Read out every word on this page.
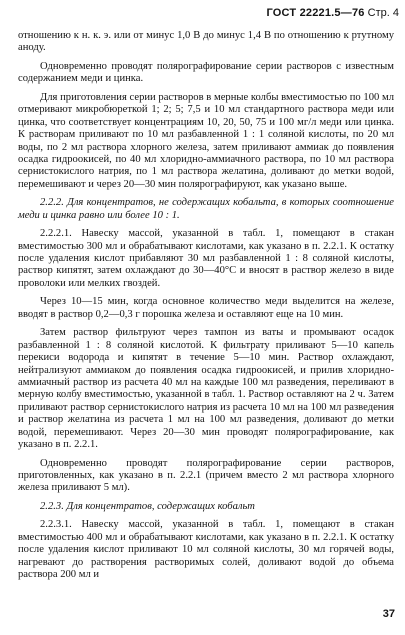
ГОСТ 22221.5—76 Стр. 4

отношению к н. к. э. или от минус 1,0 В до минус 1,4 В по отношению к ртутному аноду.

Одновременно проводят полярографирование серии растворов с известным содержанием меди и цинка.

Для приготовления серии растворов в мерные колбы вместимостью по 100 мл отмеривают микробюреткой 1; 2; 5; 7,5 и 10 мл стандартного раствора меди или цинка, что соответствует концентрациям 10, 20, 50, 75 и 100 мг/л меди или цинка. К растворам приливают по 10 мл разбавленной 1 : 1 соляной кислоты, по 20 мл воды, по 2 мл раствора хлорного железа, затем приливают аммиак до появления осадка гидроокисей, по 40 мл хлоридно-аммиачного раствора, по 10 мл раствора сернистокислого натрия, по 1 мл раствора желатина, доливают до метки водой, перемешивают и через 20—30 мин полярографируют, как указано выше.

2.2.2. Для концентратов, не содержащих кобальта, в которых соотношение меди и цинка равно или более 10 : 1.

2.2.2.1. Навеску массой, указанной в табл. 1, помещают в стакан вместимостью 300 мл и обрабатывают кислотами, как указано в п. 2.2.1. К остатку после удаления кислот прибавляют 30 мл разбавленной 1 : 8 соляной кислоты, раствор кипятят, затем охлаждают до 30—40°С и вносят в раствор железо в виде проволоки или мелких гвоздей.

Через 10—15 мин, когда основное количество меди выделится на железе, вводят в раствор 0,2—0,3 г порошка железа и оставляют еще на 10 мин.

Затем раствор фильтруют через тампон из ваты и промывают осадок разбавленной 1 : 8 соляной кислотой. К фильтрату приливают 5—10 капель перекиси водорода и кипятят в течение 5—10 мин. Раствор охлаждают, нейтрализуют аммиаком до появления осадка гидроокисей, и прилив хлоридно-аммиачный раствор из расчета 40 мл на каждые 100 мл разведения, переливают в мерную колбу вместимостью, указанной в табл. 1. Раствор оставляют на 2 ч. Затем приливают раствор сернистокислого натрия из расчета 10 мл на 100 мл разведения и раствор желатина из расчета 1 мл на 100 мл разведения, доливают до метки водой, перемешивают. Через 20—30 мин проводят полярографирование, как указано в п. 2.2.1.

Одновременно проводят полярографирование серии растворов, приготовленных, как указано в п. 2.2.1 (причем вместо 2 мл раствора хлорного железа приливают 5 мл).

2.2.3. Для концентратов, содержащих кобальт

2.2.3.1. Навеску массой, указанной в табл. 1, помещают в стакан вместимостью 400 мл и обрабатывают кислотами, как указано в п. 2.2.1. К остатку после удаления кислот приливают 10 мл соляной кислоты, 30 мл горячей воды, нагревают до растворения растворимых солей, доливают водой до объема раствора 200 мл и

37
